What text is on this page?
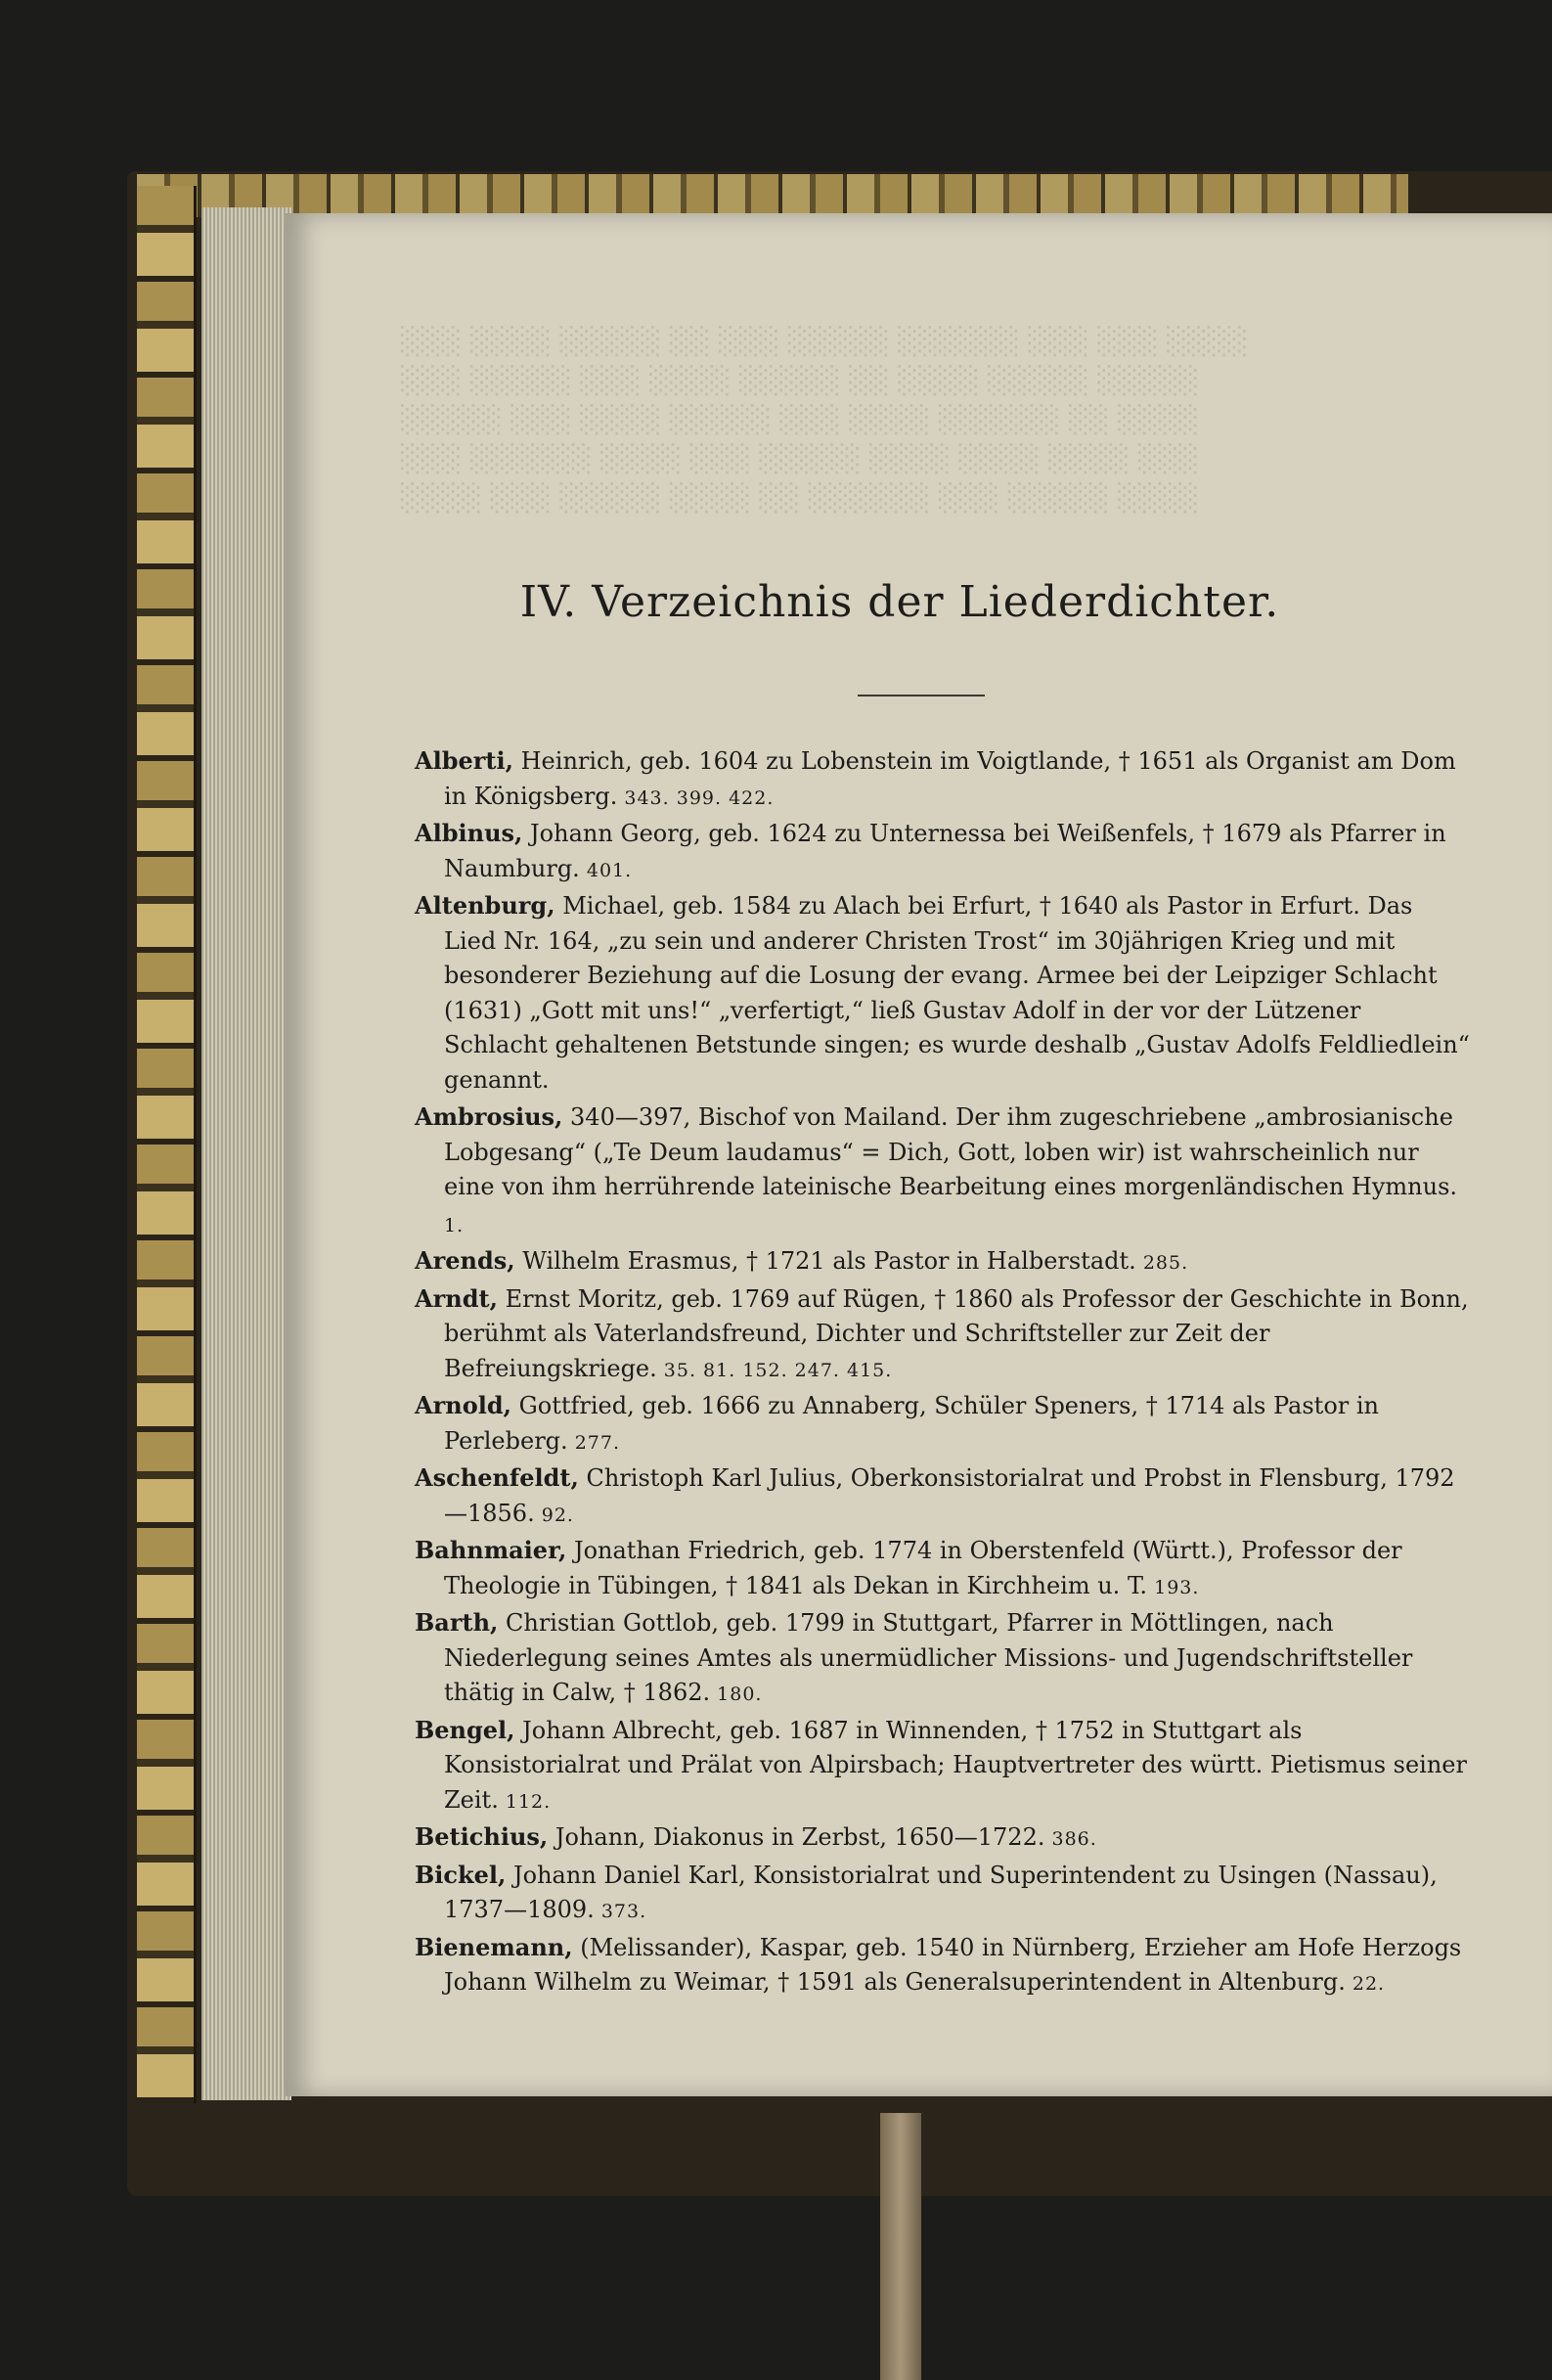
░░░ ░░░░ ░░░░░ ░░ ░░░ ░░░░░ ░░░░░░ ░░░ ░░░ ░░░░
░░░ ░░░░░ ░░░ ░░░░ ░░░░░ ░░ ░░░░ ░░░░░ ░░░░░
░░░░░ ░░░ ░░░░ ░░░░░ ░░░ ░░░░ ░░░░░░ ░░ ░░░░
░░░ ░░░░░░ ░░░░ ░░░ ░░░░░ ░░░░ ░░░░ ░░░░ ░░░
░░░░ ░░░ ░░░░░ ░░░░ ░░ ░░░░░░ ░░░ ░░░░░ ░░░░
IV. Verzeichnis der Liederdichter.

Alberti, Heinrich, geb. 1604 zu Lobenstein im Voigtlande, † 1651 als Organist am Dom in Königsberg. 343. 399. 422.

Albinus, Johann Georg, geb. 1624 zu Unternessa bei Weißenfels, † 1679 als Pfarrer in Naumburg. 401.

Altenburg, Michael, geb. 1584 zu Alach bei Erfurt, † 1640 als Pastor in Erfurt. Das Lied Nr. 164, „zu sein und anderer Christen Trost“ im 30jährigen Krieg und mit besonderer Beziehung auf die Losung der evang. Armee bei der Leipziger Schlacht (1631) „Gott mit uns!“ „verfertigt,“ ließ Gustav Adolf in der vor der Lützener Schlacht gehaltenen Betstunde singen; es wurde deshalb „Gustav Adolfs Feldliedlein“ genannt.

Ambrosius, 340—397, Bischof von Mailand. Der ihm zugeschriebene „ambrosianische Lobgesang“ („Te Deum laudamus“ = Dich, Gott, loben wir) ist wahrscheinlich nur eine von ihm herrührende lateinische Bearbeitung eines morgenländischen Hymnus. 1.

Arends, Wilhelm Erasmus, † 1721 als Pastor in Halberstadt. 285.

Arndt, Ernst Moritz, geb. 1769 auf Rügen, † 1860 als Professor der Geschichte in Bonn, berühmt als Vaterlandsfreund, Dichter und Schriftsteller zur Zeit der Befreiungskriege. 35. 81. 152. 247. 415.

Arnold, Gottfried, geb. 1666 zu Annaberg, Schüler Speners, † 1714 als Pastor in Perleberg. 277.

Aschenfeldt, Christoph Karl Julius, Oberkonsistorialrat und Probst in Flensburg, 1792—1856. 92.

Bahnmaier, Jonathan Friedrich, geb. 1774 in Oberstenfeld (Württ.), Professor der Theologie in Tübingen, † 1841 als Dekan in Kirchheim u. T. 193.

Barth, Christian Gottlob, geb. 1799 in Stuttgart, Pfarrer in Möttlingen, nach Niederlegung seines Amtes als unermüdlicher Missions- und Jugendschriftsteller thätig in Calw, † 1862. 180.

Bengel, Johann Albrecht, geb. 1687 in Winnenden, † 1752 in Stuttgart als Konsistorialrat und Prälat von Alpirsbach; Hauptvertreter des württ. Pietismus seiner Zeit. 112.

Betichius, Johann, Diakonus in Zerbst, 1650—1722. 386.

Bickel, Johann Daniel Karl, Konsistorialrat und Superintendent zu Usingen (Nassau), 1737—1809. 373.

Bienemann, (Melissander), Kaspar, geb. 1540 in Nürnberg, Erzieher am Hofe Herzogs Johann Wilhelm zu Weimar, † 1591 als Generalsuperintendent in Altenburg. 22.
